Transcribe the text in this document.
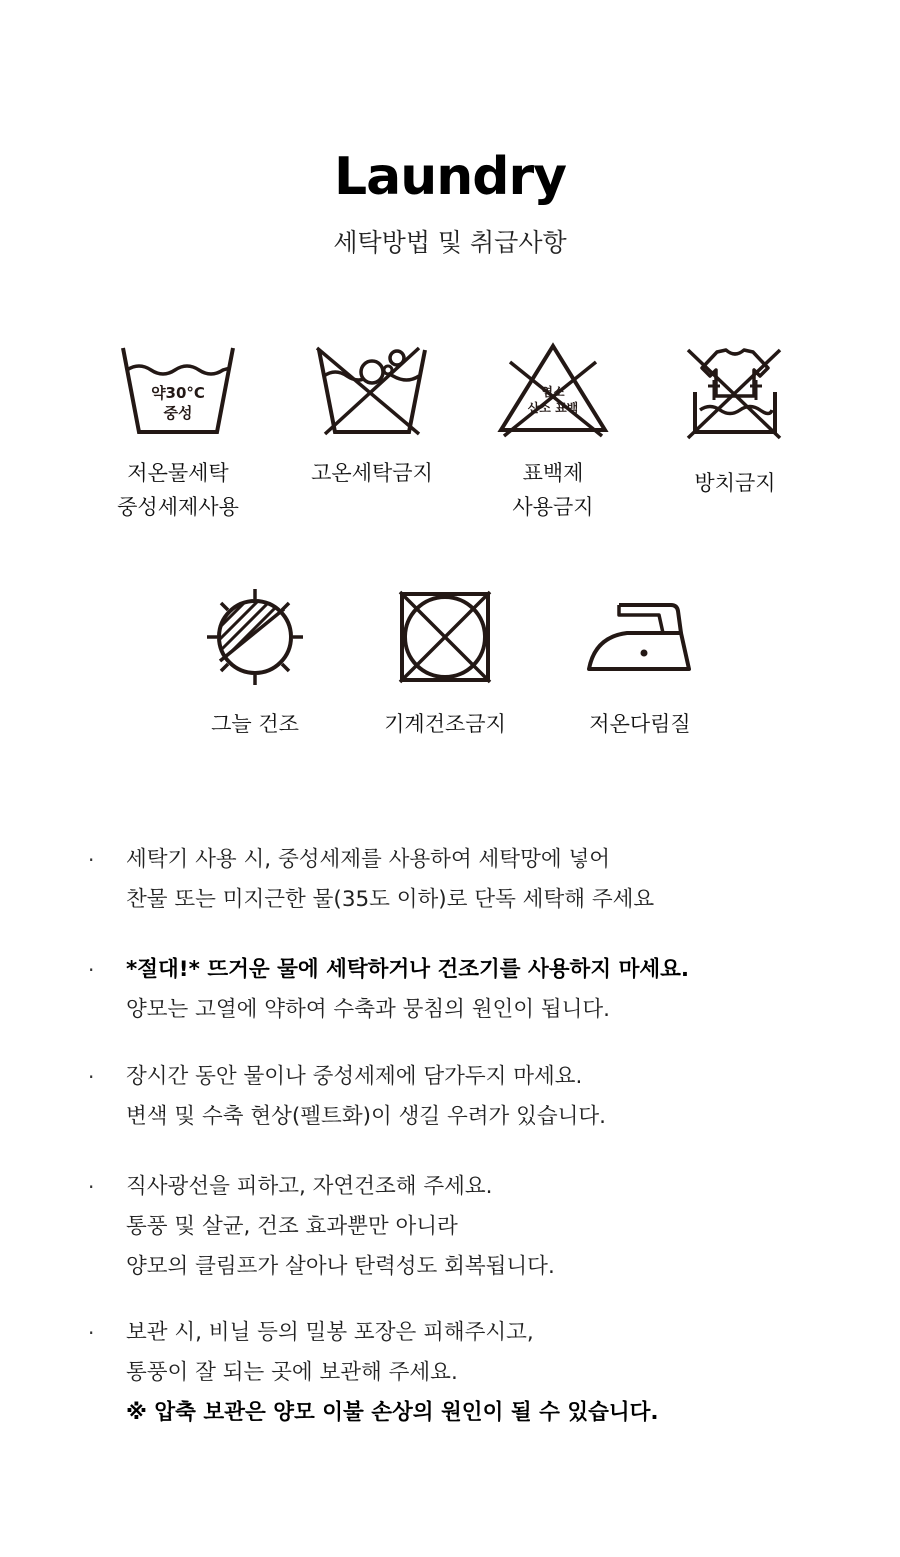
Laundry
세탁방법 및 취급사항
약30°C
중성
저온물세탁
중성세제사용
고온세탁금지
염소
산소 표백
표백제
사용금지
방치금지
그늘 건조	기계건조금지	저온다림질
· 세탁기 사용 시, 중성세제를 사용하여 세탁망에 넣어
찬물 또는 미지근한 물(35도 이하)로 단독 세탁해 주세요
· *절대!* 뜨거운 물에 세탁하거나 건조기를 사용하지 마세요.
양모는 고열에 약하여 수축과 뭉침의 원인이 됩니다.
· 장시간 동안 물이나 중성세제에 담가두지 마세요.
변색 및 수축 현상(펠트화)이 생길 우려가 있습니다.
· 직사광선을 피하고, 자연건조해 주세요.
통풍 및 살균, 건조 효과뿐만 아니라
양모의 클림프가 살아나 탄력성도 회복됩니다.
· 보관 시, 비닐 등의 밀봉 포장은 피해주시고,
통풍이 잘 되는 곳에 보관해 주세요.
※ 압축 보관은 양모 이불 손상의 원인이 될 수 있습니다.
